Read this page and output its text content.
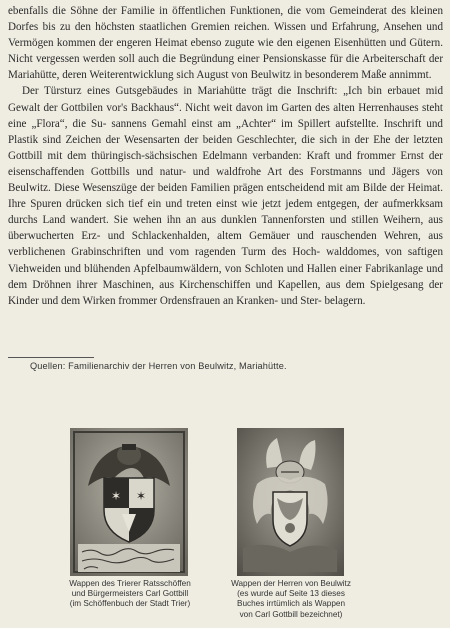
ebenfalls die Söhne der Familie in öffentlichen Funktionen, die vom Gemeinderat des kleinen Dorfes bis zu den höchsten staatlichen Gremien reichen. Wissen und Erfahrung, Ansehen und Vermögen kommen der engeren Heimat ebenso zugute wie den eigenen Eisenhütten und Gütern. Nicht vergessen werden soll auch die Begründung einer Pensionskasse für die Arbeiterschaft der Mariahütte, deren Weiterentwicklung sich August von Beulwitz in besonderem Maße annimmt.

Der Türsturz eines Gutsgebäudes in Mariahütte trägt die Inschrift: „Ich bin erbauet mid Gewalt der Gottbilen vor's Backhaus“. Nicht weit davon im Garten des alten Herrenhauses steht eine „Flora“, die Su- sannens Gemahl einst am „Achter“ im Spillert aufstellte. Inschrift und Plastik sind Zeichen der Wesensarten der beiden Geschlechter, die sich in der Ehe der letzten Gottbill mit dem thüringisch-sächsischen Edelmann verbanden: Kraft und frommer Ernst der eisenschaffenden Gottbills und natur- und waldfrohe Art des Forstmanns und Jägers von Beulwitz. Diese Wesenszüge der beiden Familien prägen entscheidend mit am Bilde der Heimat. Ihre Spuren drücken sich tief ein und treten einst wie jetzt jedem entgegen, der aufmerkksam durchs Land wandert. Sie wehen ihn an aus dunklen Tannenforsten und stillen Weihern, aus überwucherten Erz- und Schlackenhalden, altem Gemäuer und rauschenden Wehren, aus verblichenen Grabinschriften und vom ragenden Turm des Hoch- walddomes, von saftigen Viehweiden und blühenden Apfelbaumwäldern, von Schloten und Hallen einer Fabrikanlage und dem Dröhnen ihrer Maschinen, aus Kirchenschiffen und Kapellen, aus dem Spielgesang der Kinder und dem Wirken frommer Ordensfrauen an Kranken- und Ster- belagern.

Quellen: Familienarchiv der Herren von Beulwitz, Mariahütte.
✶ ✶
Wappen des Trierer Ratsschöffen
und Bürgermeisters Carl Gottbill
(im Schöffenbuch der Stadt Trier)
Wappen der Herren von Beulwitz
(es wurde auf Seite 13 dieses
Buches irrtümlich als Wappen
von Carl Gottbill bezeichnet)
